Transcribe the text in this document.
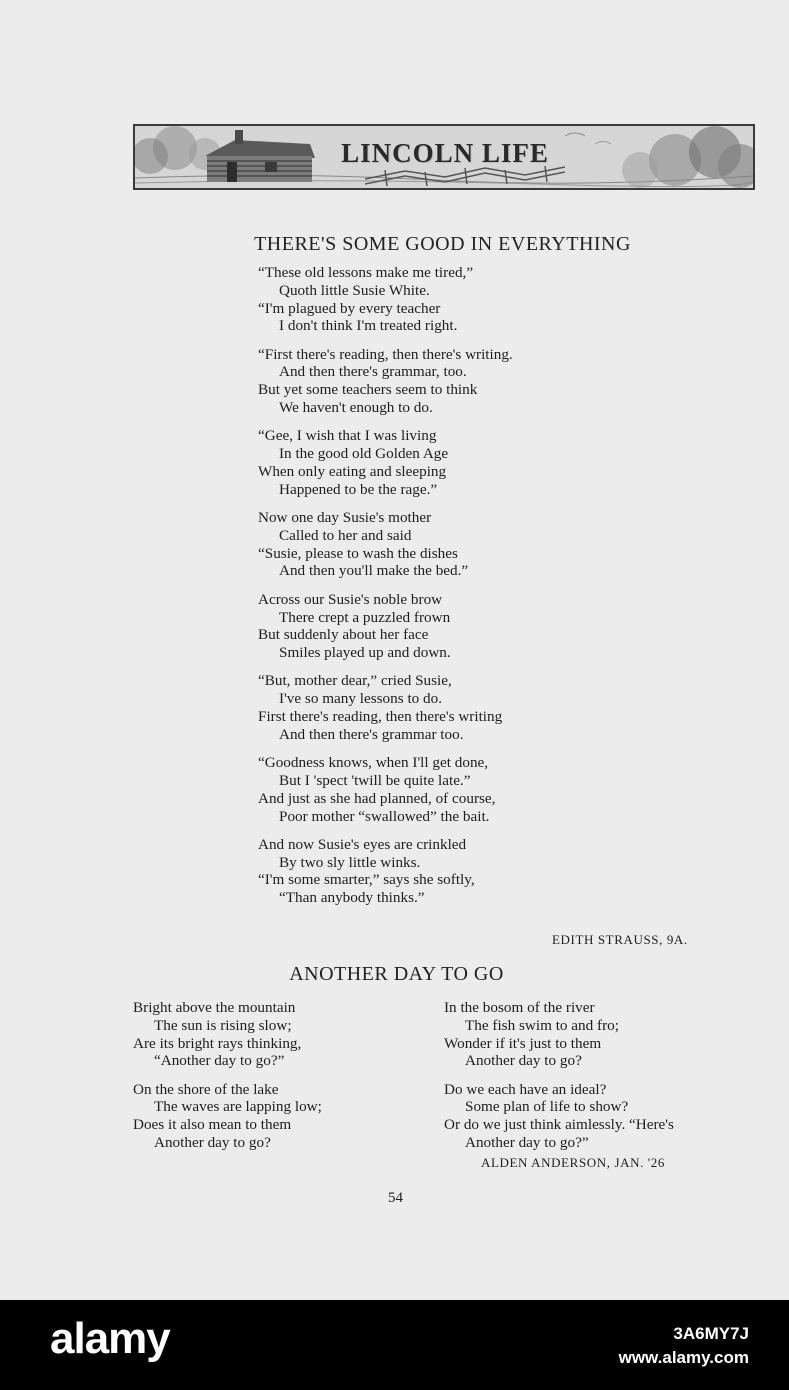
LINCOLN LIFE
THERE'S SOME GOOD IN EVERYTHING
“These old lessons make me tired,”
Quoth little Susie White.
“I'm plagued by every teacher
I don't think I'm treated right.
“First there's reading, then there's writing.
And then there's grammar, too.
But yet some teachers seem to think
We haven't enough to do.
“Gee, I wish that I was living
In the good old Golden Age
When only eating and sleeping
Happened to be the rage.”
Now one day Susie's mother
Called to her and said
“Susie, please to wash the dishes
And then you'll make the bed.”
Across our Susie's noble brow
There crept a puzzled frown
But suddenly about her face
Smiles played up and down.
“But, mother dear,” cried Susie,
I've so many lessons to do.
First there's reading, then there's writing
And then there's grammar too.
“Goodness knows, when I'll get done,
But I 'spect 'twill be quite late.”
And just as she had planned, of course,
Poor mother “swallowed” the bait.
And now Susie's eyes are crinkled
By two sly little winks.
“I'm some smarter,” says she softly,
“Than anybody thinks.”
EDITH STRAUSS, 9A.
ANOTHER DAY TO GO
Bright above the mountain
The sun is rising slow;
Are its bright rays thinking,
“Another day to go?”
On the shore of the lake
The waves are lapping low;
Does it also mean to them
Another day to go?
In the bosom of the river
The fish swim to and fro;
Wonder if it's just to them
Another day to go?
Do we each have an ideal?
Some plan of life to show?
Or do we just think aimlessly. “Here's
Another day to go?”
ALDEN ANDERSON, JAN. '26
54
alamy	3A6MY7J
www.alamy.com
